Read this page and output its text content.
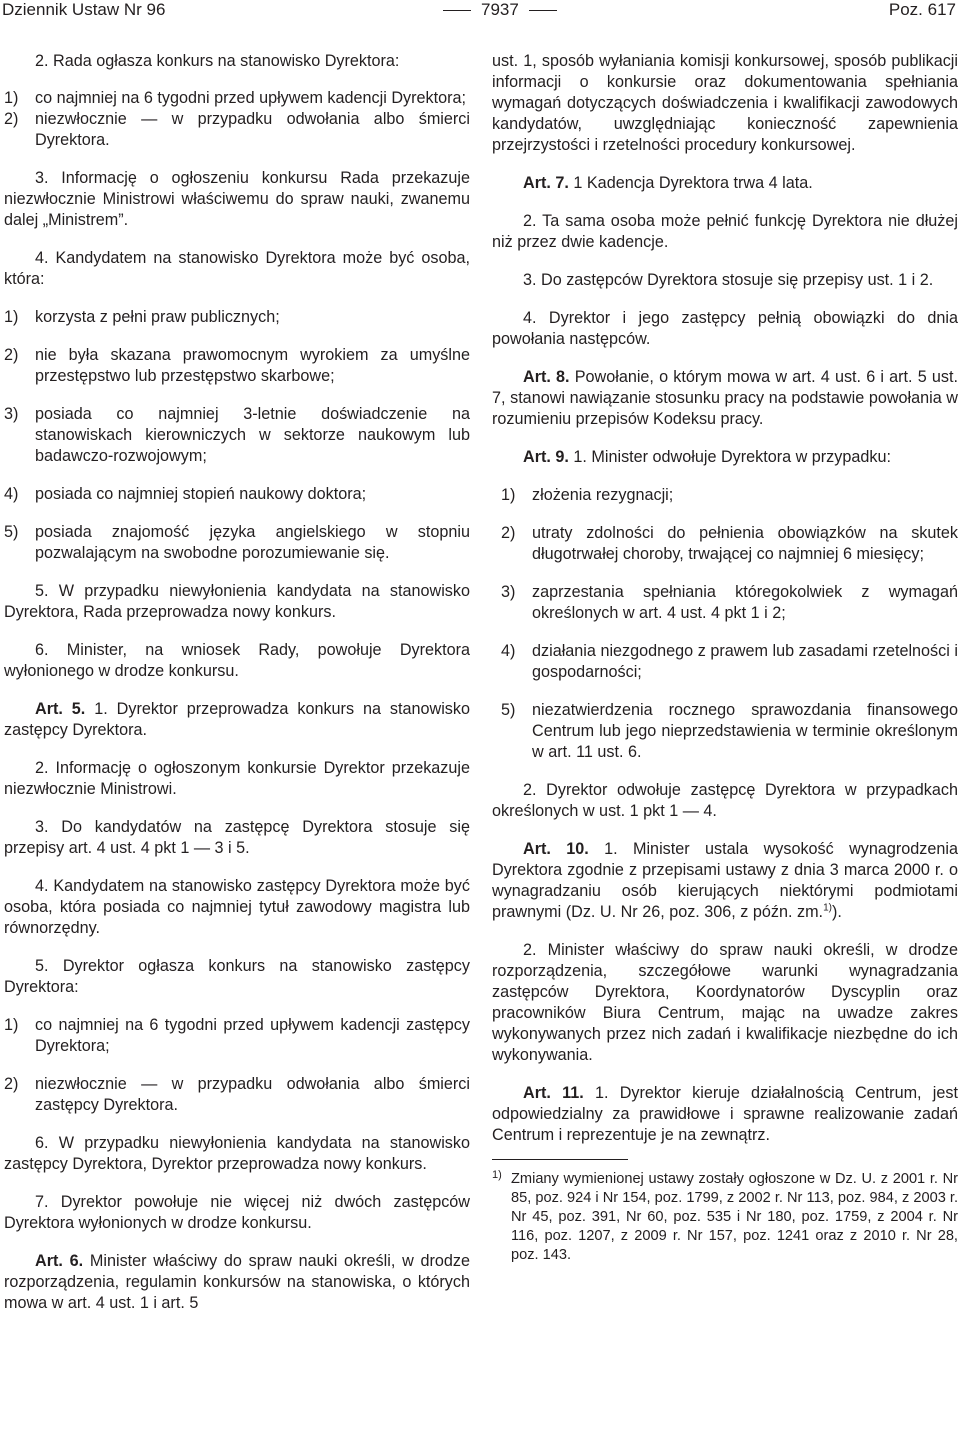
Dziennik Ustaw Nr 96	7937	Poz. 617

2. Rada ogłasza konkurs na stanowisko Dyrektora:

1) co najmniej na 6 tygodni przed upływem kadencji Dyrektora;
2) niezwłocznie — w przypadku odwołania albo śmierci Dyrektora.

3. Informację o ogłoszeniu konkursu Rada przekazuje niezwłocznie Ministrowi właściwemu do spraw nauki, zwanemu dalej „Ministrem”.

4. Kandydatem na stanowisko Dyrektora może być osoba, która:

1) korzysta z pełni praw publicznych;
2) nie była skazana prawomocnym wyrokiem za umyślne przestępstwo lub przestępstwo skarbowe;
3) posiada co najmniej 3-letnie doświadczenie na stanowiskach kierowniczych w sektorze naukowym lub badawczo-rozwojowym;
4) posiada co najmniej stopień naukowy doktora;
5) posiada znajomość języka angielskiego w stopniu pozwalającym na swobodne porozumiewanie się.

5. W przypadku niewyłonienia kandydata na stanowisko Dyrektora, Rada przeprowadza nowy konkurs.

6. Minister, na wniosek Rady, powołuje Dyrektora wyłonionego w drodze konkursu.

Art. 5. 1. Dyrektor przeprowadza konkurs na stanowisko zastępcy Dyrektora.

2. Informację o ogłoszonym konkursie Dyrektor przekazuje niezwłocznie Ministrowi.

3. Do kandydatów na zastępcę Dyrektora stosuje się przepisy art. 4 ust. 4 pkt 1 — 3 i 5.

4. Kandydatem na stanowisko zastępcy Dyrektora może być osoba, która posiada co najmniej tytuł zawodowy magistra lub równorzędny.

5. Dyrektor ogłasza konkurs na stanowisko zastępcy Dyrektora:

1) co najmniej na 6 tygodni przed upływem kadencji zastępcy Dyrektora;
2) niezwłocznie — w przypadku odwołania albo śmierci zastępcy Dyrektora.

6. W przypadku niewyłonienia kandydata na stanowisko zastępcy Dyrektora, Dyrektor przeprowadza nowy konkurs.

7. Dyrektor powołuje nie więcej niż dwóch zastępców Dyrektora wyłonionych w drodze konkursu.

Art. 6. Minister właściwy do spraw nauki określi, w drodze rozporządzenia, regulamin konkursów na stanowiska, o których mowa w art. 4 ust. 1 i art. 5

ust. 1, sposób wyłaniania komisji konkursowej, sposób publikacji informacji o konkursie oraz dokumentowania spełniania wymagań dotyczących doświadczenia i kwalifikacji zawodowych kandydatów, uwzględniając konieczność zapewnienia przejrzystości i rzetelności procedury konkursowej.

Art. 7. 1 Kadencja Dyrektora trwa 4 lata.

2. Ta sama osoba może pełnić funkcję Dyrektora nie dłużej niż przez dwie kadencje.

3. Do zastępców Dyrektora stosuje się przepisy ust. 1 i 2.

4. Dyrektor i jego zastępcy pełnią obowiązki do dnia powołania następców.

Art. 8. Powołanie, o którym mowa w art. 4 ust. 6 i art. 5 ust. 7, stanowi nawiązanie stosunku pracy na podstawie powołania w rozumieniu przepisów Kodeksu pracy.

Art. 9. 1. Minister odwołuje Dyrektora w przypadku:

1) złożenia rezygnacji;
2) utraty zdolności do pełnienia obowiązków na skutek długotrwałej choroby, trwającej co najmniej 6 miesięcy;
3) zaprzestania spełniania któregokolwiek z wymagań określonych w art. 4 ust. 4 pkt 1 i 2;
4) działania niezgodnego z prawem lub zasadami rzetelności i gospodarności;
5) niezatwierdzenia rocznego sprawozdania finansowego Centrum lub jego nieprzedstawienia w terminie określonym w art. 11 ust. 6.

2. Dyrektor odwołuje zastępcę Dyrektora w przypadkach określonych w ust. 1 pkt 1 — 4.

Art. 10. 1. Minister ustala wysokość wynagrodzenia Dyrektora zgodnie z przepisami ustawy z dnia 3 marca 2000 r. o wynagradzaniu osób kierujących niektórymi podmiotami prawnymi (Dz. U. Nr 26, poz. 306, z późn. zm.$^{1)}$).

2. Minister właściwy do spraw nauki określi, w drodze rozporządzenia, szczegółowe warunki wynagradzania zastępców Dyrektora, Koordynatorów Dyscyplin oraz pracowników Biura Centrum, mając na uwadze zakres wykonywanych przez nich zadań i kwalifikacje niezbędne do ich wykonywania.

Art. 11. 1. Dyrektor kieruje działalnością Centrum, jest odpowiedzialny za prawidłowe i sprawne realizowanie zadań Centrum i reprezentuje je na zewnątrz.

1) Zmiany wymienionej ustawy zostały ogłoszone w Dz. U. z 2001 r. Nr 85, poz. 924 i Nr 154, poz. 1799, z 2002 r. Nr 113, poz. 984, z 2003 r. Nr 45, poz. 391, Nr 60, poz. 535 i Nr 180, poz. 1759, z 2004 r. Nr 116, poz. 1207, z 2009 r. Nr 157, poz. 1241 oraz z 2010 r. Nr 28, poz. 143.
